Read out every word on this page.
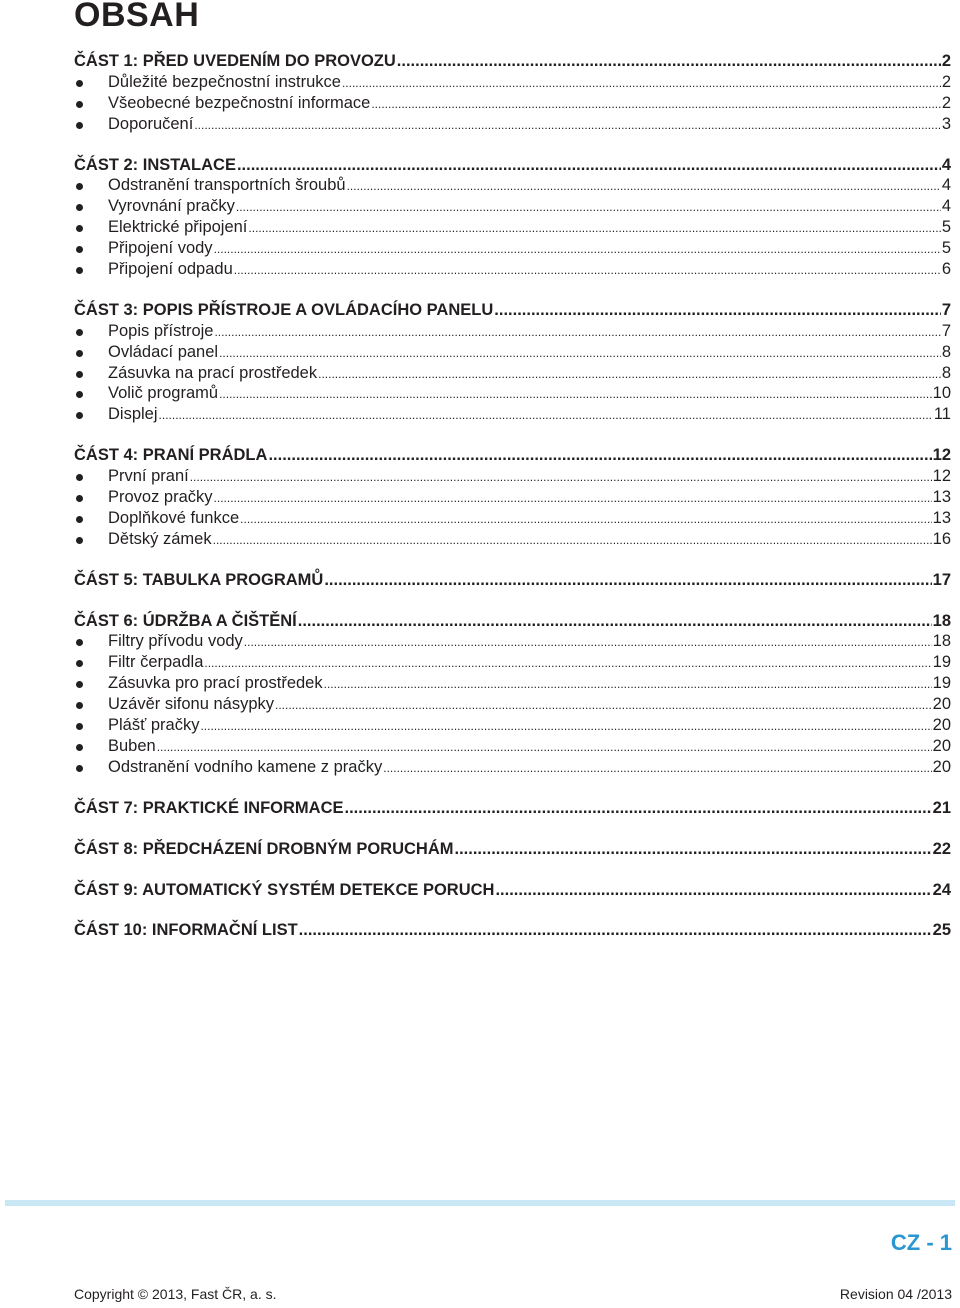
OBSAH
ČÁST 1: PŘED UVEDENÍM DO PROVOZU .....	2
Důležité bezpečnostní instrukce .....	2
Všeobecné bezpečnostní informace .....	2
Doporučení .....	3
ČÁST 2: INSTALACE .....	4
Odstranění transportních šroubů .....	4
Vyrovnání pračky .....	4
Elektrické připojení .....	5
Připojení vody .....	5
Připojení odpadu .....	6
ČÁST 3: POPIS PŘÍSTROJE A OVLÁDACÍHO PANELU .....	7
Popis přístroje .....	7
Ovládací panel .....	8
Zásuvka na prací prostředek .....	8
Volič programů .....	10
Displej .....	11
ČÁST 4: PRANÍ PRÁDLA .....	12
První praní .....	12
Provoz pračky .....	13
Doplňkové funkce .....	13
Dětský zámek .....	16
ČÁST 5: TABULKA PROGRAMŮ .....	17
ČÁST 6: ÚDRŽBA A ČIŠTĚNÍ .....	18
Filtry přívodu vody .....	18
Filtr čerpadla .....	19
Zásuvka pro prací prostředek .....	19
Uzávěr sifonu násypky .....	20
Plášť pračky .....	20
Buben .....	20
Odstranění vodního kamene z pračky .....	20
ČÁST 7: PRAKTICKÉ INFORMACE .....	21
ČÁST 8: PŘEDCHÁZENÍ DROBNÝM PORUCHÁM .....	22
ČÁST 9: AUTOMATICKÝ SYSTÉM DETEKCE PORUCH .....	24
ČÁST 10: INFORMAČNÍ LIST .....	25
CZ - 1
Copyright © 2013, Fast ČR, a. s.	Revision 04 /2013
